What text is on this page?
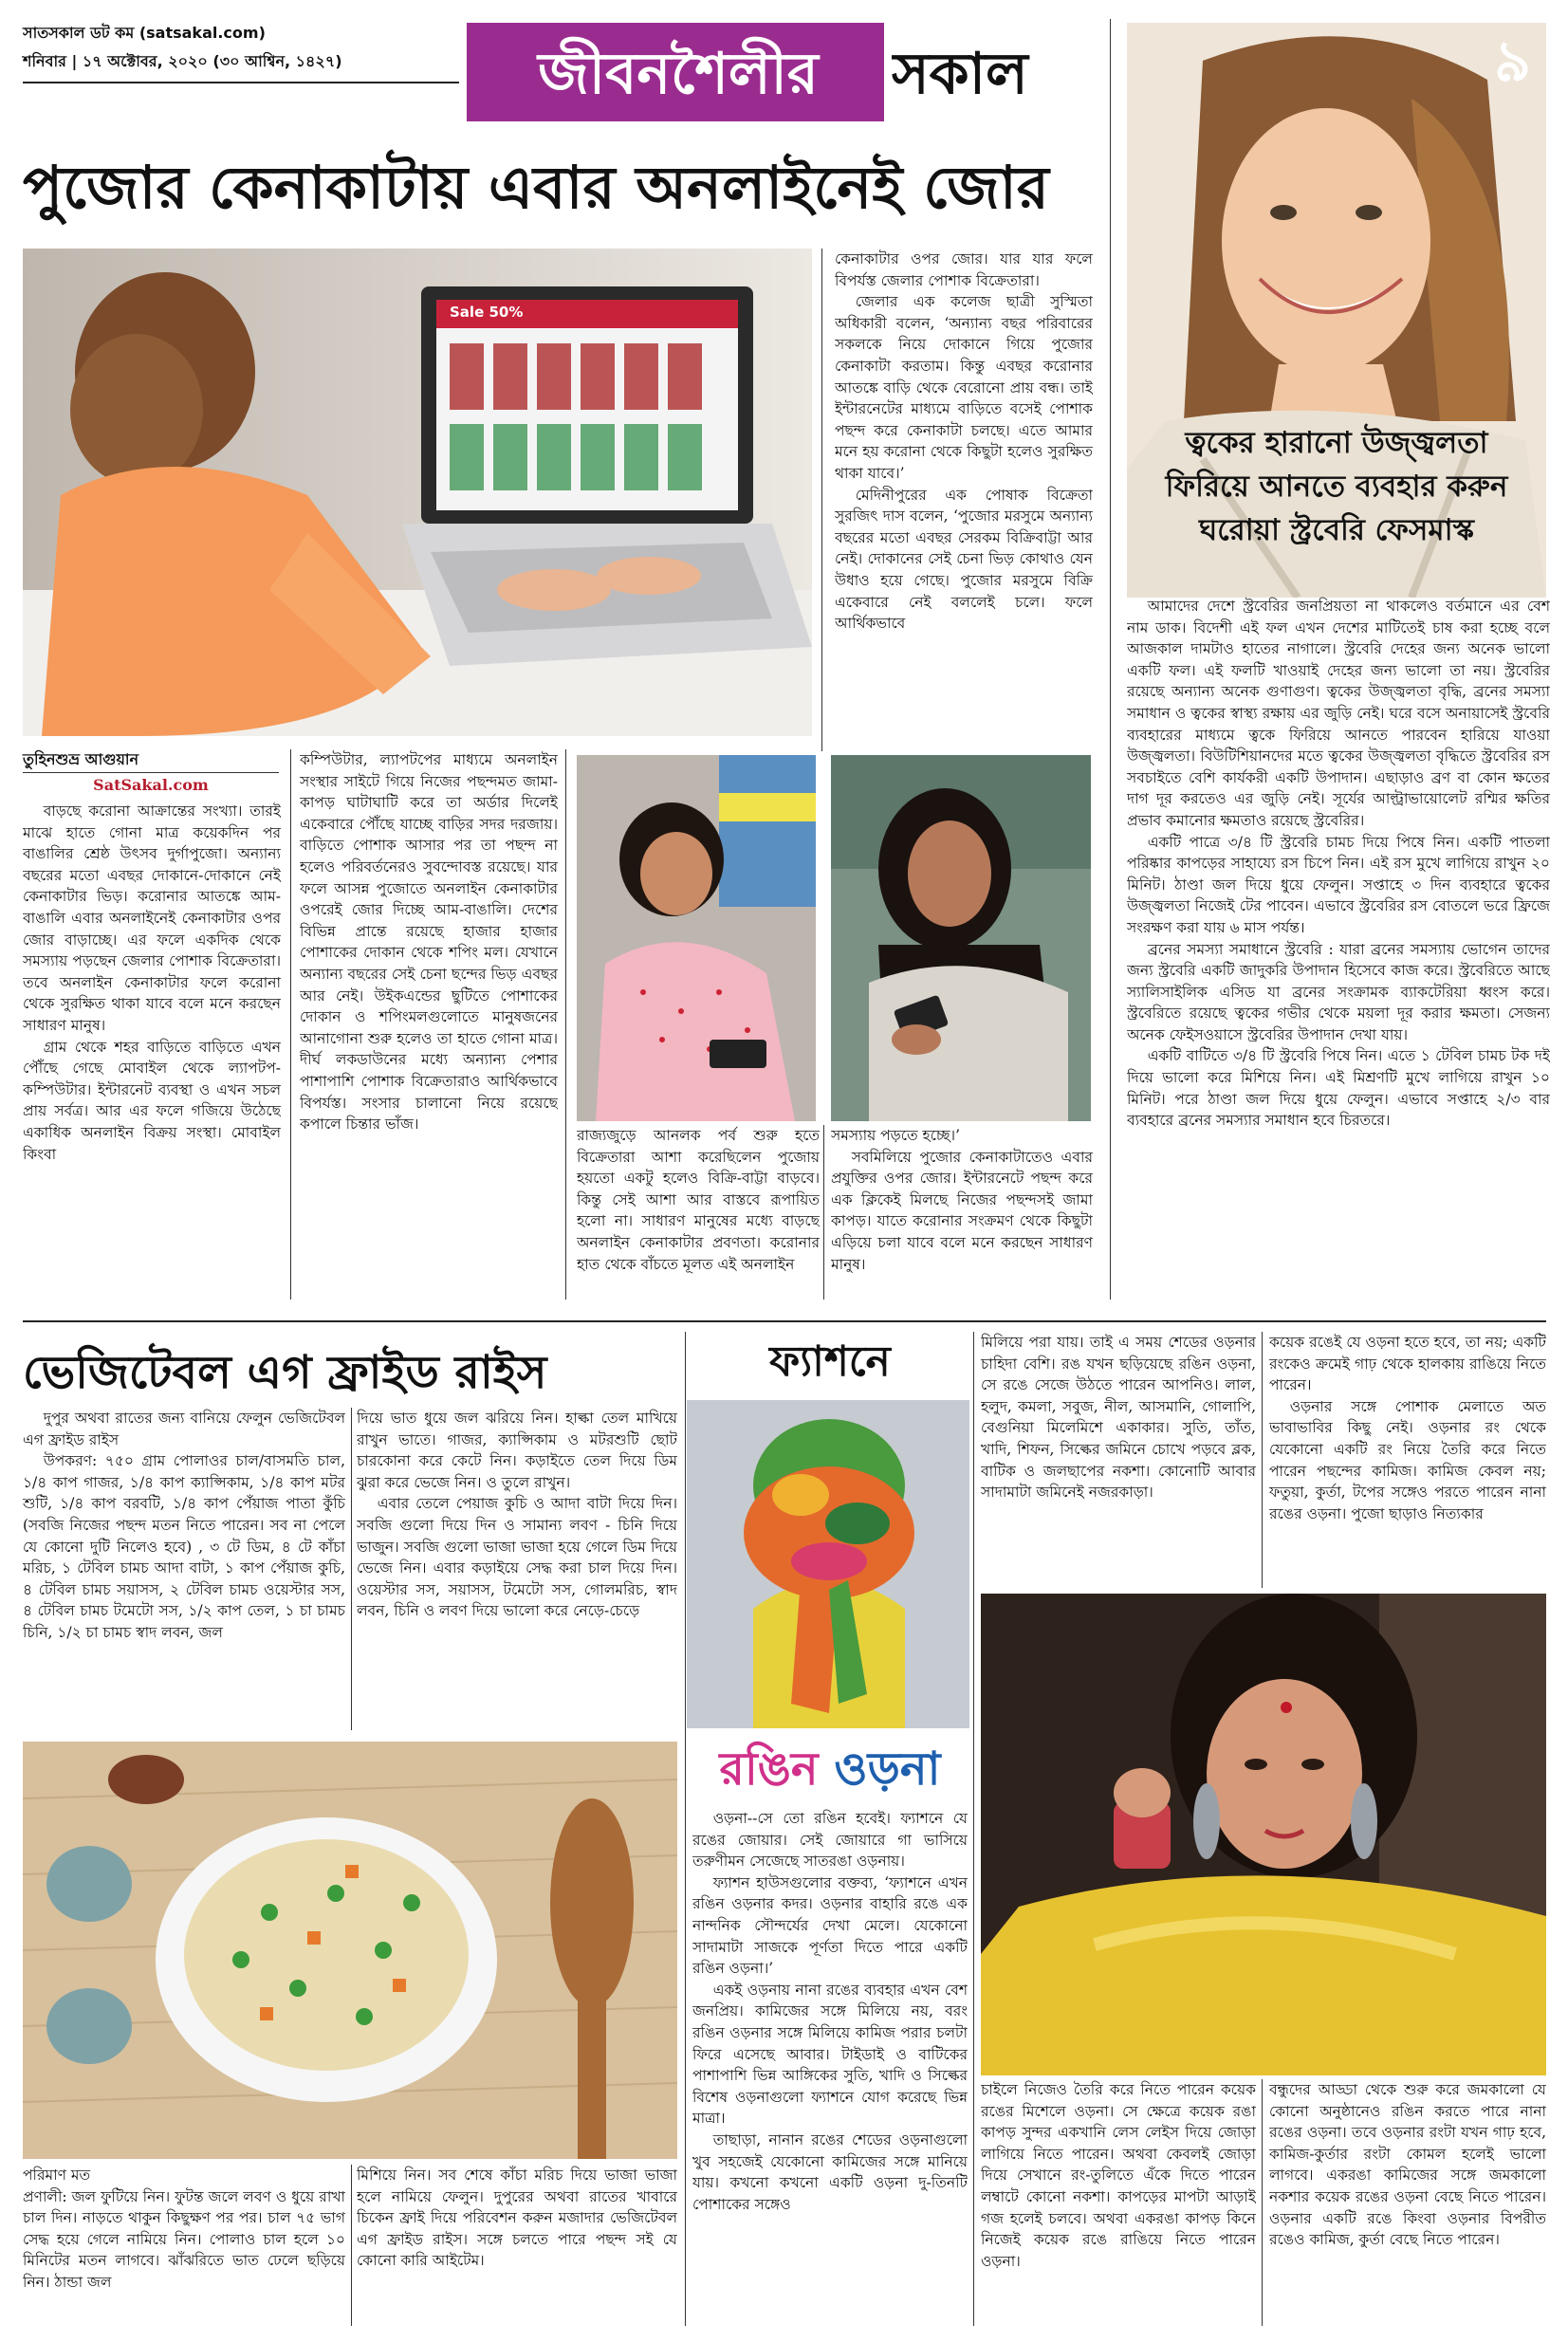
সাতসকাল ডট কম (satsakal.com)
শনিবার | ১৭ অক্টোবর, ২০২০ (৩০ আশ্বিন, ১৪২৭)	জীবনশৈলীর	সকাল
পুজোর কেনাকাটায় এবার অনলাইনেই জোর
Sale 50%

কেনাকাটার ওপর জোর। যার যার ফলে বিপর্যস্ত জেলার পোশাক বিক্রেতারা।

জেলার এক কলেজ ছাত্রী সুস্মিতা অধিকারী বলেন, ‘অন্যান্য বছর পরিবারের সকলকে নিয়ে দোকানে গিয়ে পুজোর কেনাকাটা করতাম। কিন্তু এবছর করোনার আতঙ্কে বাড়ি থেকে বেরোনো প্রায় বন্ধ। তাই ইন্টারনেটের মাধ্যমে বাড়িতে বসেই পোশাক পছন্দ করে কেনাকাটা চলছে। এতে আমার মনে হয় করোনা থেকে কিছুটা হলেও সুরক্ষিত থাকা যাবে।’

মেদিনীপুরের এক পোষাক বিক্রেতা সুরজিৎ দাস বলেন, ‘পুজোর মরসুমে অন্যান্য বছরের মতো এবছর সেরকম বিক্রিবাট্টা আর নেই। দোকানের সেই চেনা ভিড় কোথাও যেন উধাও হয়ে গেছে। পুজোর মরসুমে বিক্রি একেবারে নেই বললেই চলে। ফলে আর্থিকভাবে

তুহিনশুভ্র আগুয়ান
SatSakal.com

বাড়ছে করোনা আক্রান্তের সংখ্যা। তারই মাঝে হাতে গোনা মাত্র কয়েকদিন পর বাঙালির শ্রেষ্ঠ উৎসব দুর্গাপুজো। অন্যান্য বছরের মতো এবছর দোকানে-দোকানে নেই কেনাকাটার ভিড়। করোনার আতঙ্কে আম-বাঙালি এবার অনলাইনেই কেনাকাটার ওপর জোর বাড়াচ্ছে। এর ফলে একদিক থেকে সমস্যায় পড়ছেন জেলার পোশাক বিক্রেতারা। তবে অনলাইন কেনাকাটার ফলে করোনা থেকে সুরক্ষিত থাকা যাবে বলে মনে করছেন সাধারণ মানুষ।

গ্রাম থেকে শহর বাড়িতে বাড়িতে এখন পৌঁছে গেছে মোবাইল থেকে ল্যাপটপ- কম্পিউটার। ইন্টারনেট ব্যবস্থা ও এখন সচল প্রায় সর্বত্র। আর এর ফলে গজিয়ে উঠেছে একাধিক অনলাইন বিক্রয় সংস্থা। মোবাইল কিংবা

কম্পিউটার, ল্যাপটপের মাধ্যমে অনলাইন সংস্থার সাইটে গিয়ে নিজের পছন্দমত জামা-কাপড় ঘাটাঘাটি করে তা অর্ডার দিলেই একেবারে পৌঁছে যাচ্ছে বাড়ির সদর দরজায়। বাড়িতে পোশাক আসার পর তা পছন্দ না হলেও পরিবর্তনেরও সুবন্দোবস্ত রয়েছে। যার ফলে আসন্ন পুজোতে অনলাইন কেনাকাটার ওপরেই জোর দিচ্ছে আম-বাঙালি। দেশের বিভিন্ন প্রান্তে রয়েছে হাজার হাজার পোশাকের দোকান থেকে শপিং মল। যেখানে অন্যান্য বছরের সেই চেনা ছন্দের ভিড় এবছর আর নেই। উইকএন্ডের ছুটিতে পোশাকের দোকান ও শপিংমলগুলোতে মানুষজনের আনাগোনা শুরু হলেও তা হাতে গোনা মাত্র। দীর্ঘ লকডাউনের মধ্যে অন্যান্য পেশার পাশাপাশি পোশাক বিক্রেতারাও আর্থিকভাবে বিপর্যস্ত। সংসার চালানো নিয়ে রয়েছে কপালে চিন্তার ভাঁজ।

রাজ্যজুড়ে আনলক পর্ব শুরু হতে বিক্রেতারা আশা করেছিলেন পুজোয় হয়তো একটু হলেও বিক্রি-বাট্টা বাড়বে। কিন্তু সেই আশা আর বাস্তবে রূপায়িত হলো না। সাধারণ মানুষের মধ্যে বাড়ছে অনলাইন কেনাকাটার প্রবণতা। করোনার হাত থেকে বাঁচতে মূলত এই অনলাইন

সমস্যায় পড়তে হচ্ছে।’

সবমিলিয়ে পুজোর কেনাকাটাতেও এবার প্রযুক্তির ওপর জোর। ইন্টারনেটে পছন্দ করে এক ক্লিকেই মিলছে নিজের পছন্দসই জামা কাপড়। যাতে করোনার সংক্রমণ থেকে কিছুটা এড়িয়ে চলা যাবে বলে মনে করছেন সাধারণ মানুষ।

৯
ত্বকের হারানো উজ্জ্বলতা ফিরিয়ে আনতে ব্যবহার করুন ঘরোয়া স্ট্রবেরি ফেসমাস্ক

আমাদের দেশে স্ট্রবেরির জনপ্রিয়তা না থাকলেও বর্তমানে এর বেশ নাম ডাক। বিদেশী এই ফল এখন দেশের মাটিতেই চাষ করা হচ্ছে বলে আজকাল দামটাও হাতের নাগালে। স্ট্রবেরি দেহের জন্য অনেক ভালো একটি ফল। এই ফলটি খাওয়াই দেহের জন্য ভালো তা নয়। স্ট্রবেরির রয়েছে অন্যান্য অনেক গুণাগুণ। ত্বকের উজ্জ্বলতা বৃদ্ধি, ব্রনের সমস্যা সমাধান ও ত্বকের স্বাস্থ্য রক্ষায় এর জুড়ি নেই। ঘরে বসে অনায়াসেই স্ট্রবেরি ব্যবহারের মাধ্যমে ত্বকে ফিরিয়ে আনতে পারবেন হারিয়ে যাওয়া উজ্জ্বলতা। বিউটিশিয়ানদের মতে ত্বকের উজ্জ্বলতা বৃদ্ধিতে স্ট্রবেরির রস সবচাইতে বেশি কার্যকরী একটি উপাদান। এছাড়াও ব্রণ বা কোন ক্ষতের দাগ দূর করতেও এর জুড়ি নেই। সূর্যের আল্ট্রাভায়োলেট রশ্মির ক্ষতির প্রভাব কমানোর ক্ষমতাও রয়েছে স্ট্রবেরির।

একটি পাত্রে ৩/৪ টি স্ট্রবেরি চামচ দিয়ে পিষে নিন। একটি পাতলা পরিষ্কার কাপড়ের সাহায্যে রস চিপে নিন। এই রস মুখে লাগিয়ে রাখুন ২০ মিনিট। ঠাণ্ডা জল দিয়ে ধুয়ে ফেলুন। সপ্তাহে ৩ দিন ব্যবহারে ত্বকের উজ্জ্বলতা নিজেই টের পাবেন। এভাবে স্ট্রবেরির রস বোতলে ভরে ফ্রিজে সংরক্ষণ করা যায় ৬ মাস পর্যন্ত।

ব্রনের সমস্যা সমাধানে স্ট্রবেরি : যারা ব্রনের সমস্যায় ভোগেন তাদের জন্য স্ট্রবেরি একটি জাদুকরি উপাদান হিসেবে কাজ করে। স্ট্রবেরিতে আছে স্যালিসাইলিক এসিড যা ব্রনের সংক্রামক ব্যাকটেরিয়া ধ্বংস করে। স্ট্রবেরিতে রয়েছে ত্বকের গভীর থেকে ময়লা দূর করার ক্ষমতা। সেজন্য অনেক ফেইসওয়াসে স্ট্রবেরির উপাদান দেখা যায়।

একটি বাটিতে ৩/৪ টি স্ট্রবেরি পিষে নিন। এতে ১ টেবিল চামচ টক দই দিয়ে ভালো করে মিশিয়ে নিন। এই মিশ্রণটি মুখে লাগিয়ে রাখুন ১০ মিনিট। পরে ঠাণ্ডা জল দিয়ে ধুয়ে ফেলুন। এভাবে সপ্তাহে ২/৩ বার ব্যবহারে ব্রনের সমস্যার সমাধান হবে চিরতরে।

ভেজিটেবল এগ ফ্রাইড রাইস

দুপুর অথবা রাতের জন্য বানিয়ে ফেলুন ভেজিটেবল এগ ফ্রাইড রাইস

উপকরণ: ৭৫০ গ্রাম পোলাওর চাল/বাসমতি চাল, ১/৪ কাপ গাজর, ১/৪ কাপ ক্যাপ্সিকাম, ১/৪ কাপ মটর শুটি, ১/৪ কাপ বরবটি, ১/৪ কাপ পেঁয়াজ পাতা কুঁচি (সবজি নিজের পছন্দ মতন নিতে পারেন। সব না পেলে যে কোনো দুটি নিলেও হবে) , ৩ টে ডিম, ৪ টে কাঁচা মরিচ, ১ টেবিল চামচ আদা বাটা, ১ কাপ পেঁয়াজ কুচি, ৪ টেবিল চামচ সয়াসস, ২ টেবিল চামচ ওয়েস্টার সস, ৪ টেবিল চামচ টমেটো সস, ১/২ কাপ তেল, ১ চা চামচ চিনি, ১/২ চা চামচ স্বাদ লবন, জল

দিয়ে ভাত ধুয়ে জল ঝরিয়ে নিন। হাল্কা তেল মাখিয়ে রাখুন ভাতে। গাজর, ক্যাপ্সিকাম ও মটরশুটি ছোট চারকোনা করে কেটে নিন। কড়াইতে তেল দিয়ে ডিম ঝুরা করে ভেজে নিন। ও তুলে রাখুন।

এবার তেলে পেয়াজ কুচি ও আদা বাটা দিয়ে দিন। সবজি গুলো দিয়ে দিন ও সামান্য লবণ - চিনি দিয়ে ভাজুন। সবজি গুলো ভাজা ভাজা হয়ে গেলে ডিম দিয়ে ভেজে নিন। এবার কড়াইয়ে সেদ্ধ করা চাল দিয়ে দিন। ওয়েস্টার সস, সয়াসস, টমেটো সস, গোলমরিচ, স্বাদ লবন, চিনি ও লবণ দিয়ে ভালো করে নেড়ে-চেড়ে

পরিমাণ মত

প্রণালী: জল ফুটিয়ে নিন। ফুটন্ত জলে লবণ ও ধুয়ে রাখা চাল দিন। নাড়তে থাকুন কিছুক্ষণ পর পর। চাল ৭৫ ভাগ সেদ্ধ হয়ে গেলে নামিয়ে নিন। পোলাও চাল হলে ১০ মিনিটের মতন লাগবে। ঝাঁঝরিতে ভাত ঢেলে ছড়িয়ে নিন। ঠান্ডা জল

মিশিয়ে নিন। সব শেষে কাঁচা মরিচ দিয়ে ভাজা ভাজা হলে নামিয়ে ফেলুন। দুপুরের অথবা রাতের খাবারে চিকেন ফ্রাই দিয়ে পরিবেশন করুন মজাদার ভেজিটেবল এগ ফ্রাইড রাইস। সঙ্গে চলতে পারে পছন্দ সই যে কোনো কারি আইটেম।

ফ্যাশনে
রঙিন ওড়না

ওড়না--সে তো রঙিন হবেই। ফ্যাশনে যে রঙের জোয়ার। সেই জোয়ারে গা ভাসিয়ে তরুণীমন সেজেছে সাতরঙা ওড়নায়।

ফ্যাশন হাউসগুলোর বক্তব্য, ‘ফ্যাশনে এখন রঙিন ওড়নার কদর। ওড়নার বাহারি রঙে এক নান্দনিক সৌন্দর্যের দেখা মেলে। যেকোনো সাদামাটা সাজকে পূর্ণতা দিতে পারে একটি রঙিন ওড়না।’

একই ওড়নায় নানা রঙের ব্যবহার এখন বেশ জনপ্রিয়। কামিজের সঙ্গে মিলিয়ে নয়, বরং রঙিন ওড়নার সঙ্গে মিলিয়ে কামিজ পরার চলটা ফিরে এসেছে আবার। টাইডাই ও বাটিকের পাশাপাশি ভিন্ন আঙ্গিকের সুতি, খাদি ও সিল্কের বিশেষ ওড়নাগুলো ফ্যাশনে যোগ করেছে ভিন্ন মাত্রা।

তাছাড়া, নানান রঙের শেডের ওড়নাগুলো খুব সহজেই যেকোনো কামিজের সঙ্গে মানিয়ে যায়। কখনো কখনো একটি ওড়না দু-তিনটি পোশাকের সঙ্গেও

মিলিয়ে পরা যায়। তাই এ সময় শেডের ওড়নার চাহিদা বেশি। রঙ যখন ছড়িয়েছে রঙিন ওড়না, সে রঙে সেজে উঠতে পারেন আপনিও। লাল, হলুদ, কমলা, সবুজ, নীল, আসমানি, গোলাপি, বেগুনিয়া মিলেমিশে একাকার। সুতি, তাঁত, খাদি, শিফন, সিল্কের জমিনে চোখে পড়বে ব্লক, বাটিক ও জলছাপের নকশা। কোনোটি আবার সাদামাটা জমিনেই নজরকাড়া।

কয়েক রঙেই যে ওড়না হতে হবে, তা নয়; একটি রংকেও ক্রমেই গাঢ় থেকে হালকায় রাঙিয়ে নিতে পারেন।

ওড়নার সঙ্গে পোশাক মেলাতে অত ভাবাভাবির কিছু নেই। ওড়নার রং থেকে যেকোনো একটি রং নিয়ে তৈরি করে নিতে পারেন পছন্দের কামিজ। কামিজ কেবল নয়; ফতুয়া, কুর্তা, টপের সঙ্গেও পরতে পারেন নানা রঙের ওড়না। পুজো ছাড়াও নিত্যকার

চাইলে নিজেও তৈরি করে নিতে পারেন কয়েক রঙের মিশেলে ওড়না। সে ক্ষেত্রে কয়েক রঙা কাপড় সুন্দর একখানি লেস লেইস দিয়ে জোড়া লাগিয়ে নিতে পারেন। অথবা কেবলই জোড়া দিয়ে সেখানে রং-তুলিতে এঁকে দিতে পারেন লম্বাটে কোনো নকশা। কাপড়ের মাপটা আড়াই গজ হলেই চলবে। অথবা একরঙা কাপড় কিনে নিজেই কয়েক রঙে রাঙিয়ে নিতে পারেন ওড়না।

বন্ধুদের আড্ডা থেকে শুরু করে জমকালো যে কোনো অনুষ্ঠানেও রঙিন করতে পারে নানা রঙের ওড়না। তবে ওড়নার রংটা যখন গাঢ় হবে, কামিজ-কুর্তার রংটা কোমল হলেই ভালো লাগবে। একরঙা কামিজের সঙ্গে জমকালো নকশার কয়েক রঙের ওড়না বেছে নিতে পারেন। ওড়নার একটি রঙে কিংবা ওড়নার বিপরীত রঙেও কামিজ, কুর্তা বেছে নিতে পারেন।
